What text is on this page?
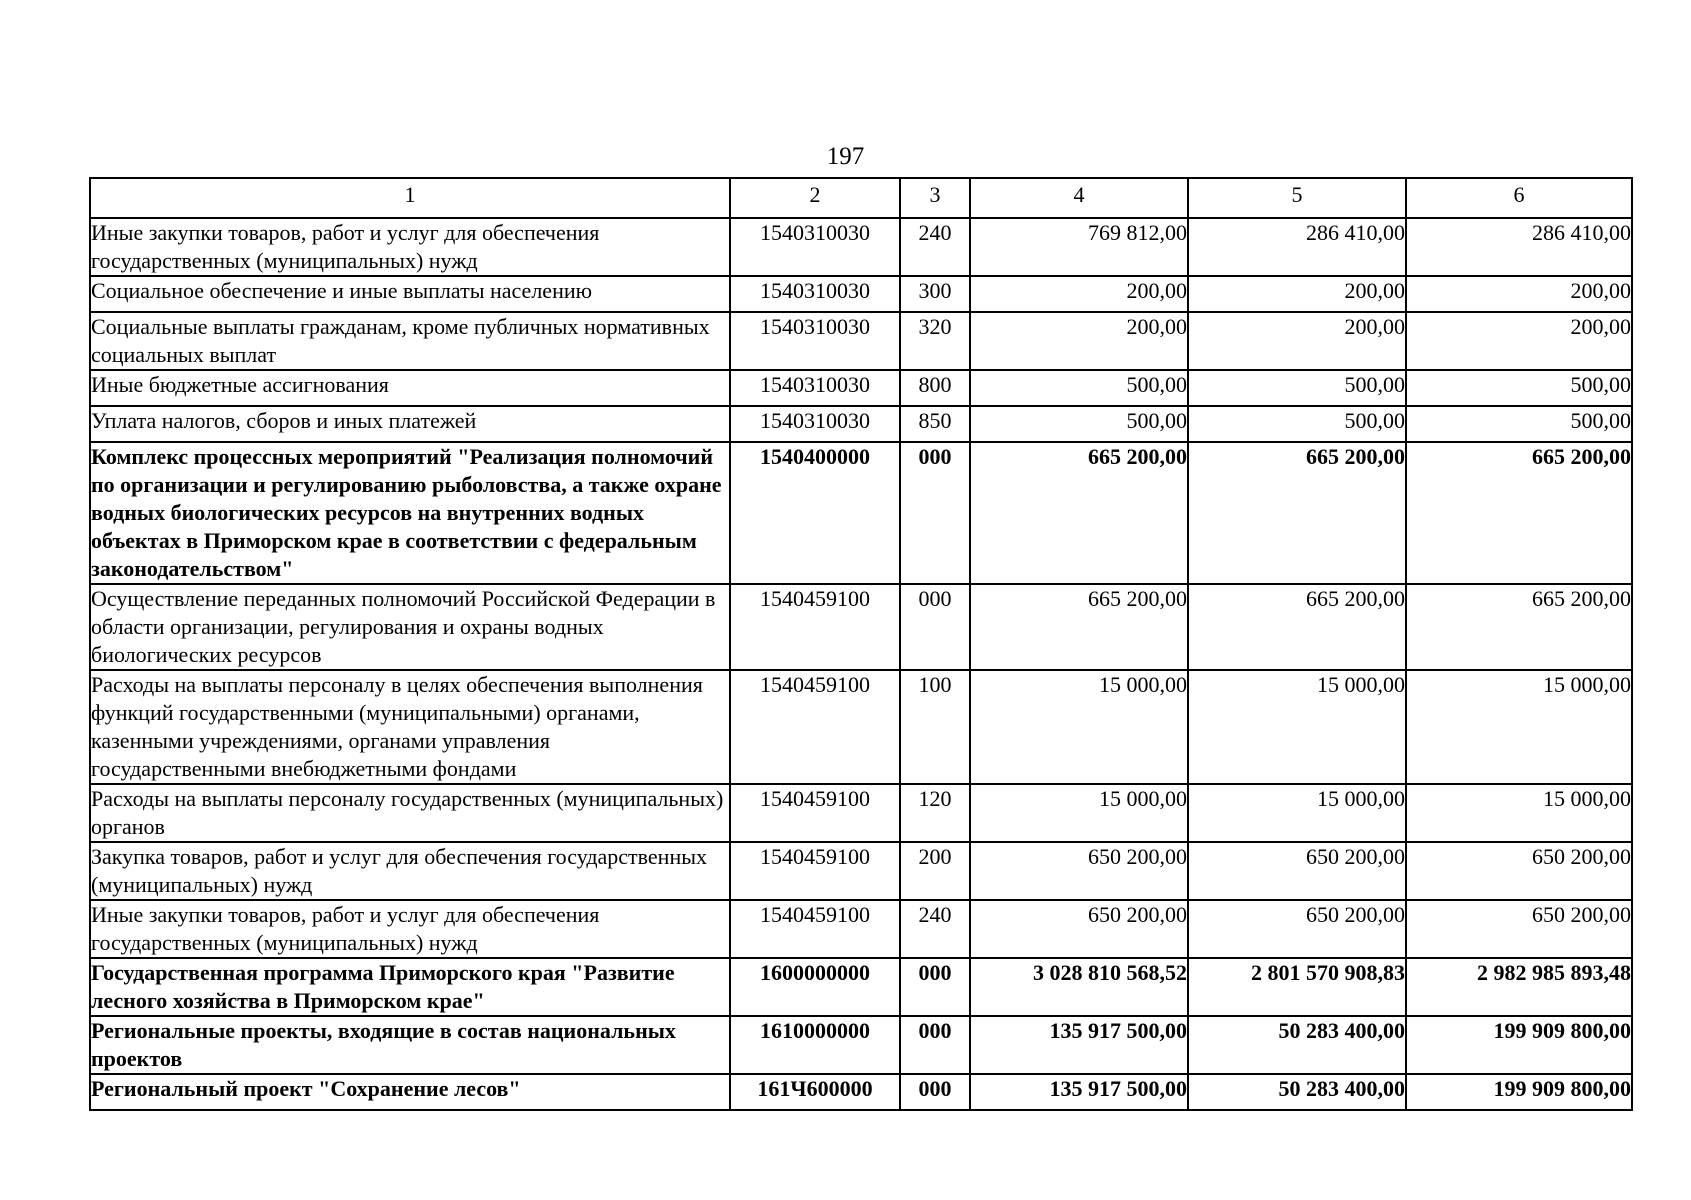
197
1	2	3	4	5	6
Иные закупки товаров, работ и услуг для обеспечения государственных (муниципальных) нужд	1540310030	240	769 812,00	286 410,00	286 410,00
Социальное обеспечение и иные выплаты населению	1540310030	300	200,00	200,00	200,00
Социальные выплаты гражданам, кроме публичных нормативных социальных выплат	1540310030	320	200,00	200,00	200,00
Иные бюджетные ассигнования	1540310030	800	500,00	500,00	500,00
Уплата налогов, сборов и иных платежей	1540310030	850	500,00	500,00	500,00
Комплекс процессных мероприятий "Реализация полномочий по организации и регулированию рыболовства, а также охране водных биологических ресурсов на внутренних водных объектах в Приморском крае в соответствии с федеральным законодательством"	1540400000	000	665 200,00	665 200,00	665 200,00
Осуществление переданных полномочий Российской Федерации в области организации, регулирования и охраны водных биологических ресурсов	1540459100	000	665 200,00	665 200,00	665 200,00
Расходы на выплаты персоналу в целях обеспечения выполнения функций государственными (муниципальными) органами, казенными учреждениями, органами управления государственными внебюджетными фондами	1540459100	100	15 000,00	15 000,00	15 000,00
Расходы на выплаты персоналу государственных (муниципальных) органов	1540459100	120	15 000,00	15 000,00	15 000,00
Закупка товаров, работ и услуг для обеспечения государственных (муниципальных) нужд	1540459100	200	650 200,00	650 200,00	650 200,00
Иные закупки товаров, работ и услуг для обеспечения государственных (муниципальных) нужд	1540459100	240	650 200,00	650 200,00	650 200,00
Государственная программа Приморского края "Развитие лесного хозяйства в Приморском крае"	1600000000	000	3 028 810 568,52	2 801 570 908,83	2 982 985 893,48
Региональные проекты, входящие в состав национальных проектов	1610000000	000	135 917 500,00	50 283 400,00	199 909 800,00
Региональный проект "Сохранение лесов"	161Ч600000	000	135 917 500,00	50 283 400,00	199 909 800,00
